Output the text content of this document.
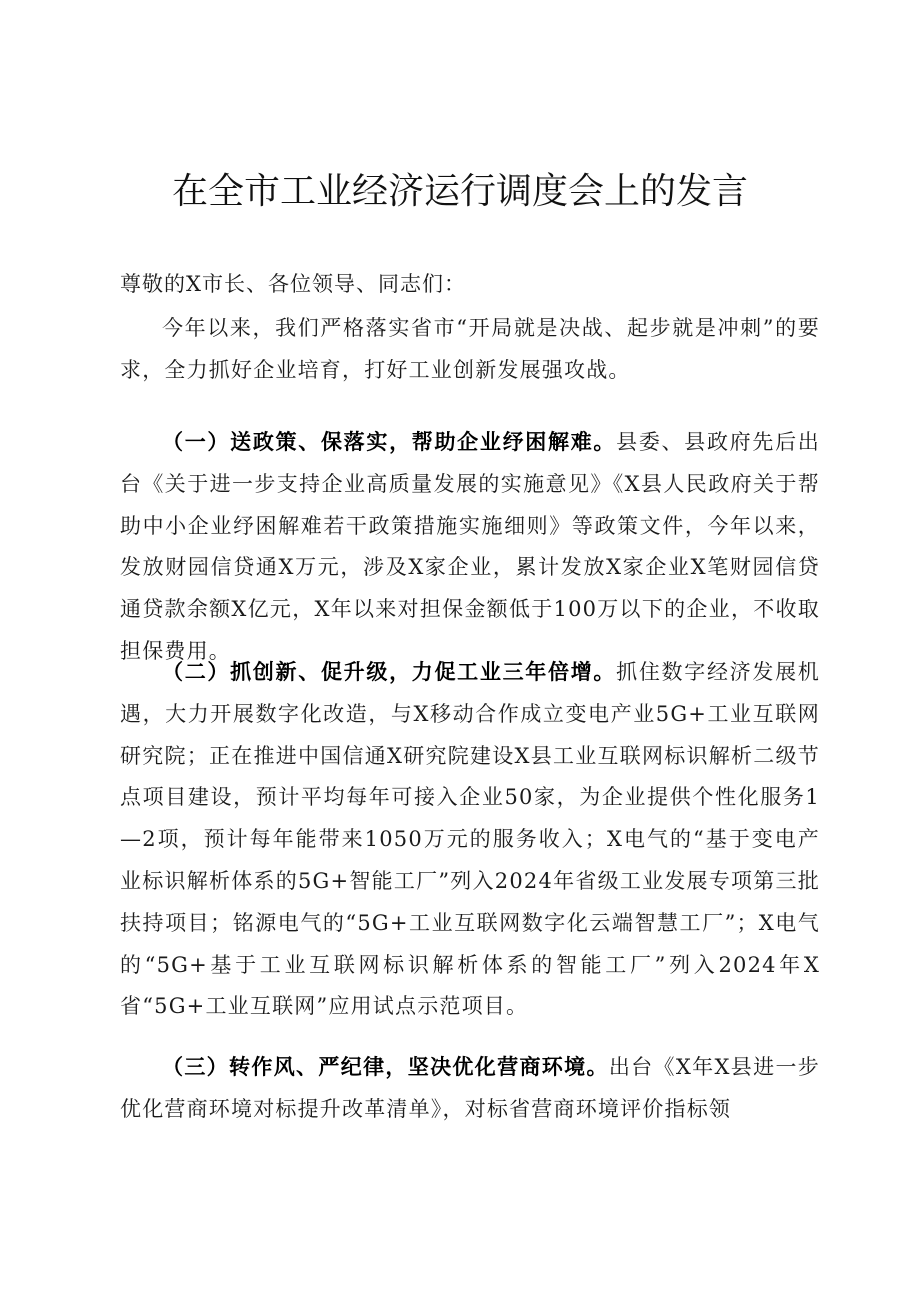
在全市工业经济运行调度会上的发言
尊敬的X市长、各位领导、同志们：

今年以来，我们严格落实省市“开局就是决战、起步就是冲刺”的要求，全力抓好企业培育，打好工业创新发展强攻战。

（一）送政策、保落实，帮助企业纾困解难。县委、县政府先后出台《关于进一步支持企业高质量发展的实施意见》《X县人民政府关于帮助中小企业纾困解难若干政策措施实施细则》等政策文件，今年以来，发放财园信贷通X万元，涉及X家企业，累计发放X家企业X笔财园信贷通贷款余额X亿元，X年以来对担保金额低于100万以下的企业，不收取担保费用。

（二）抓创新、促升级，力促工业三年倍增。抓住数字经济发展机遇，大力开展数字化改造，与X移动合作成立变电产业5G+工业互联网研究院；正在推进中国信通X研究院建设X县工业互联网标识解析二级节点项目建设，预计平均每年可接入企业50家，为企业提供个性化服务1—2项，预计每年能带来1050万元的服务收入；X电气的“基于变电产业标识解析体系的5G+智能工厂”列入2024年省级工业发展专项第三批扶持项目；铭源电气的“5G+工业互联网数字化云端智慧工厂”；X电气的“5G+基于工业互联网标识解析体系的智能工厂”列入2024年X省“5G+工业互联网”应用试点示范项目。

（三）转作风、严纪律，坚决优化营商环境。出台《X年X县进一步优化营商环境对标提升改革清单》，对标省营商环境评价指标领
